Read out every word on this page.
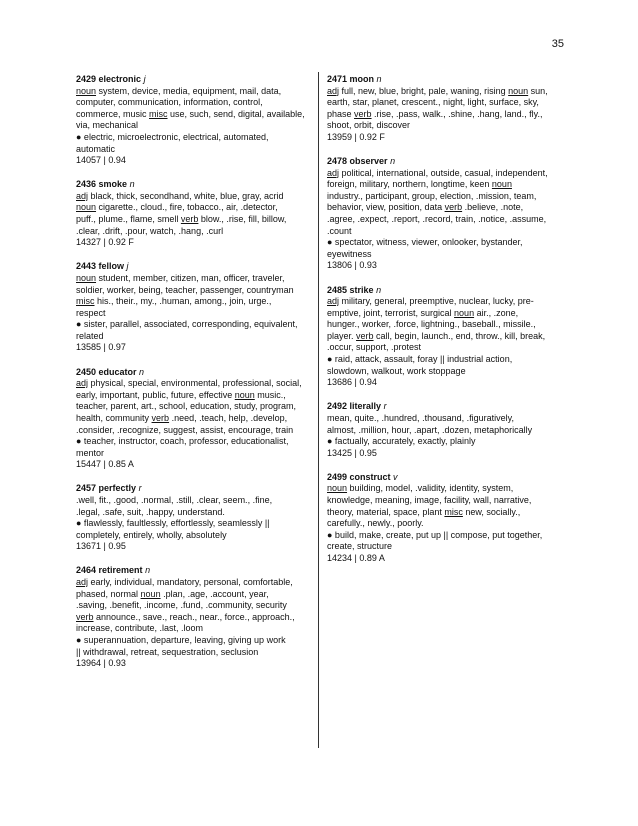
35
2429 electronic j
noun system, device, media, equipment, mail, data,
computer, communication, information, control,
commerce, music misc use, such, send, digital, available,
via, mechanical
● electric, microelectronic, electrical, automated,
automatic
14057 | 0.94
2436 smoke n
adj black, thick, secondhand, white, blue, gray, acrid
noun cigarette., cloud., fire, tobacco., air, .detector,
puff., plume., flame, smell verb blow., .rise, fill, billow,
.clear, .drift, .pour, watch, .hang, .curl
14327 | 0.92 F
2443 fellow j
noun student, member, citizen, man, officer, traveler,
soldier, worker, being, teacher, passenger, countryman
misc his., their., my., .human, among., join, urge.,
respect
● sister, parallel, associated, corresponding, equivalent,
related
13585 | 0.97
2450 educator n
adj physical, special, environmental, professional, social,
early, important, public, future, effective noun music.,
teacher, parent, art., school, education, study, program,
health, community verb .need, .teach, help, .develop,
.consider, .recognize, suggest, assist, encourage, train
● teacher, instructor, coach, professor, educationalist,
mentor
15447 | 0.85 A
2457 perfectly r
.well, fit., .good, .normal, .still, .clear, seem., .fine,
.legal, .safe, suit, .happy, understand.
● flawlessly, faultlessly, effortlessly, seamlessly ||
completely, entirely, wholly, absolutely
13671 | 0.95
2464 retirement n
adj early, individual, mandatory, personal, comfortable,
phased, normal noun .plan, .age, .account, year,
.saving, .benefit, .income, .fund, .community, security
verb announce., save., reach., near., force., approach.,
increase, contribute, .last, .loom
● superannuation, departure, leaving, giving up work
|| withdrawal, retreat, sequestration, seclusion
13964 | 0.93
2471 moon n
adj full, new, blue, bright, pale, waning, rising noun sun,
earth, star, planet, crescent., night, light, surface, sky,
phase verb .rise, .pass, walk., .shine, .hang, land., fly.,
shoot, orbit, discover
13959 | 0.92 F
2478 observer n
adj political, international, outside, casual, independent,
foreign, military, northern, longtime, keen noun
industry., participant, group, election, .mission, team,
behavior, view, position, data verb .believe, .note,
.agree, .expect, .report, .record, train, .notice, .assume,
.count
● spectator, witness, viewer, onlooker, bystander,
eyewitness
13806 | 0.93
2485 strike n
adj military, general, preemptive, nuclear, lucky, pre-
emptive, joint, terrorist, surgical noun air., .zone,
hunger., worker, .force, lightning., baseball., missile.,
player. verb call, begin, launch., end, throw., kill, break,
.occur, support, .protest
● raid, attack, assault, foray || industrial action,
slowdown, walkout, work stoppage
13686 | 0.94
2492 literally r
mean, quite., .hundred, .thousand, .figuratively,
almost, .million, hour, .apart, .dozen, metaphorically
● factually, accurately, exactly, plainly
13425 | 0.95
2499 construct v
noun building, model, .validity, identity, system,
knowledge, meaning, image, facility, wall, narrative,
theory, material, space, plant misc new, socially.,
carefully., newly., poorly.
● build, make, create, put up || compose, put together,
create, structure
14234 | 0.89 A
